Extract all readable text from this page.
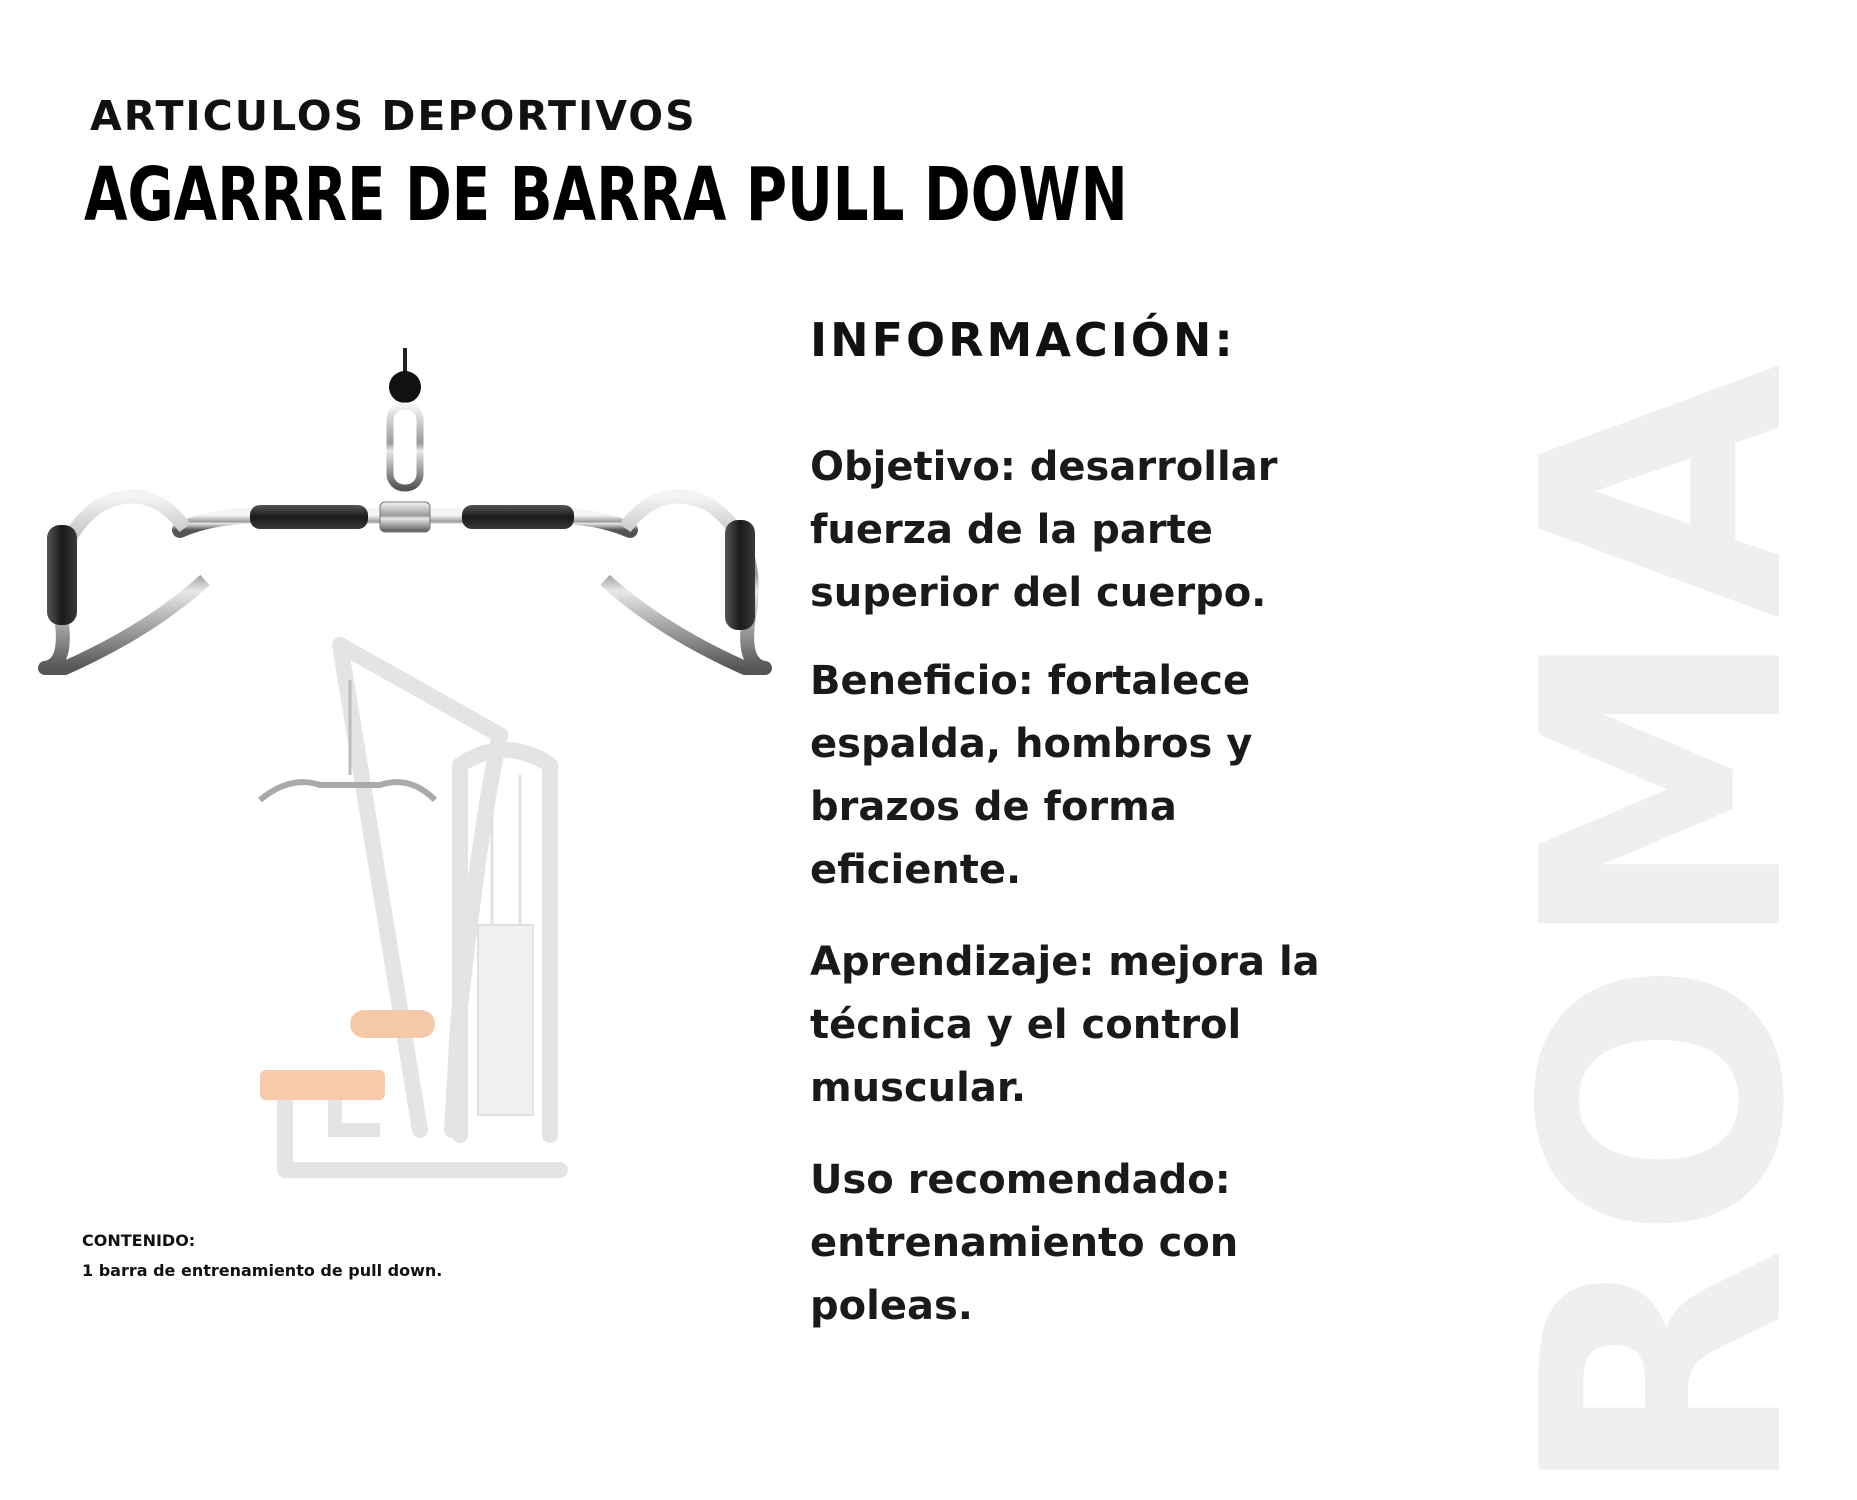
ROMA
ARTICULOS DEPORTIVOS
AGARRRE DE BARRA PULL DOWN
INFORMACIÓN:
Objetivo: desarrollar fuerza de la parte superior del cuerpo.
Beneficio: fortalece espalda, hombros y brazos de forma eficiente.
Aprendizaje: mejora la técnica y el control muscular.
Uso recomendado: entrenamiento con poleas.
CONTENIDO:
1 barra de entrenamiento de pull down.
